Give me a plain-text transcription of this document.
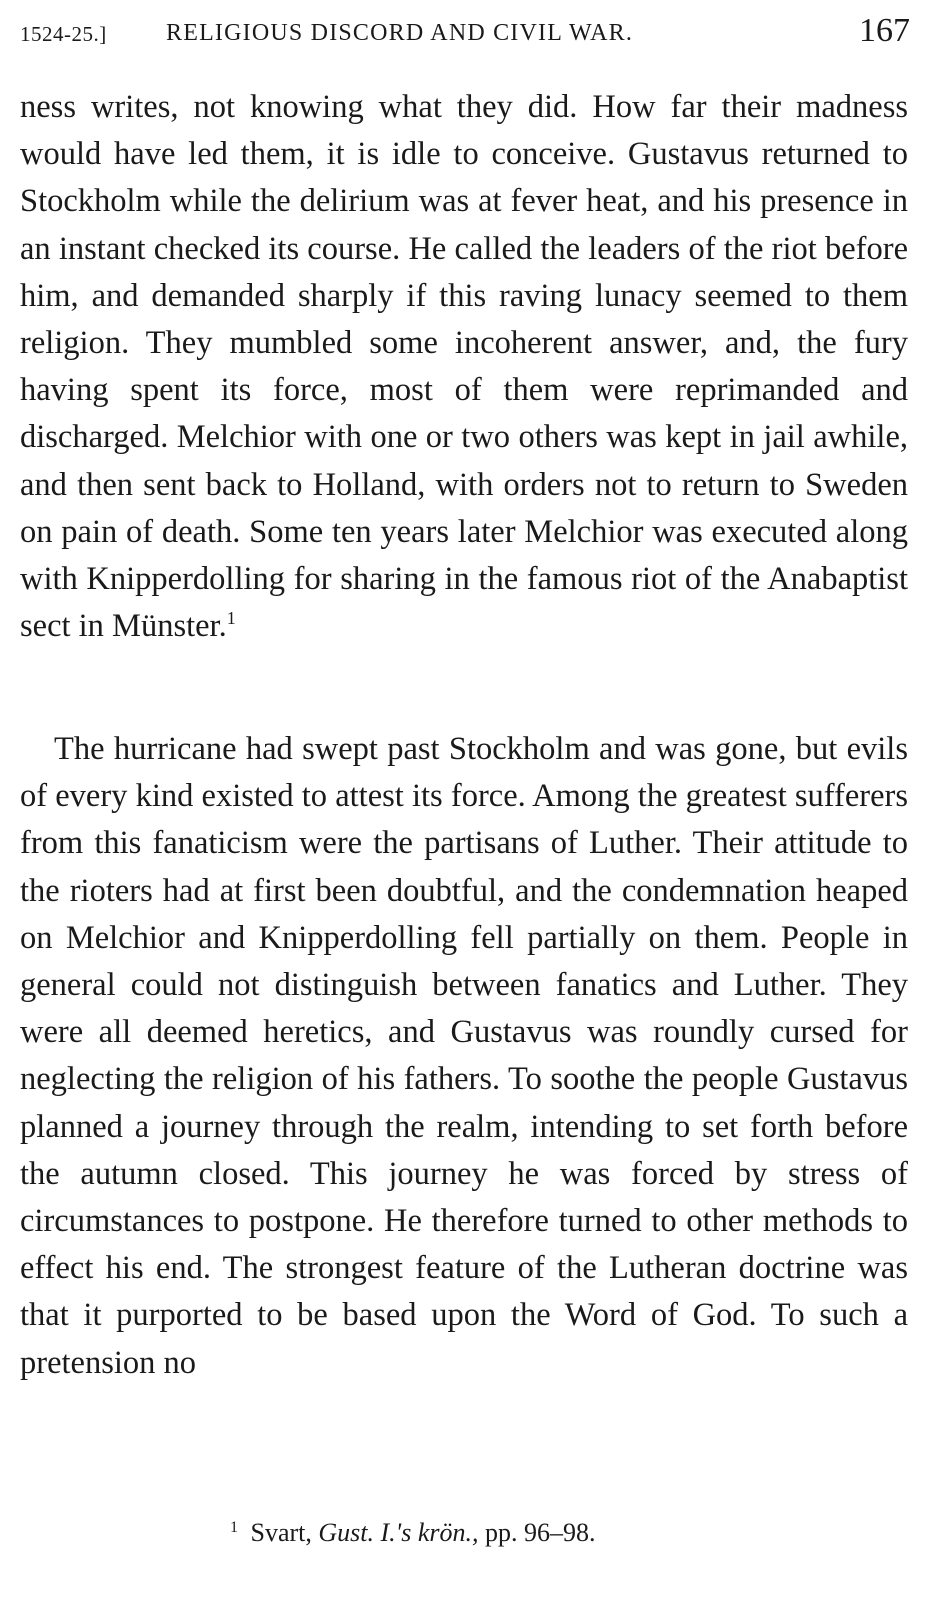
1524-25.] RELIGIOUS DISCORD AND CIVIL WAR.	167

ness writes, not knowing what they did. How far their madness would have led them, it is idle to conceive. Gustavus returned to Stockholm while the delirium was at fever heat, and his presence in an instant checked its course. He called the leaders of the riot before him, and demanded sharply if this raving lunacy seemed to them religion. They mumbled some incoherent answer, and, the fury having spent its force, most of them were reprimanded and discharged. Melchior with one or two others was kept in jail awhile, and then sent back to Holland, with orders not to return to Sweden on pain of death. Some ten years later Melchior was executed along with Knipperdolling for sharing in the famous riot of the Anabaptist sect in Münster.$^1$

The hurricane had swept past Stockholm and was gone, but evils of every kind existed to attest its force. Among the greatest sufferers from this fanaticism were the partisans of Luther. Their attitude to the rioters had at first been doubtful, and the condemnation heaped on Melchior and Knipperdolling fell partially on them. People in general could not distinguish between fanatics and Luther. They were all deemed heretics, and Gustavus was roundly cursed for neglecting the religion of his fathers. To soothe the people Gustavus planned a journey through the realm, intending to set forth before the autumn closed. This journey he was forced by stress of circumstances to postpone. He therefore turned to other methods to effect his end. The strongest feature of the Lutheran doctrine was that it purported to be based upon the Word of God. To such a pretension no

$^1$ Svart, Gust. I.'s krön., pp. 96–98.
